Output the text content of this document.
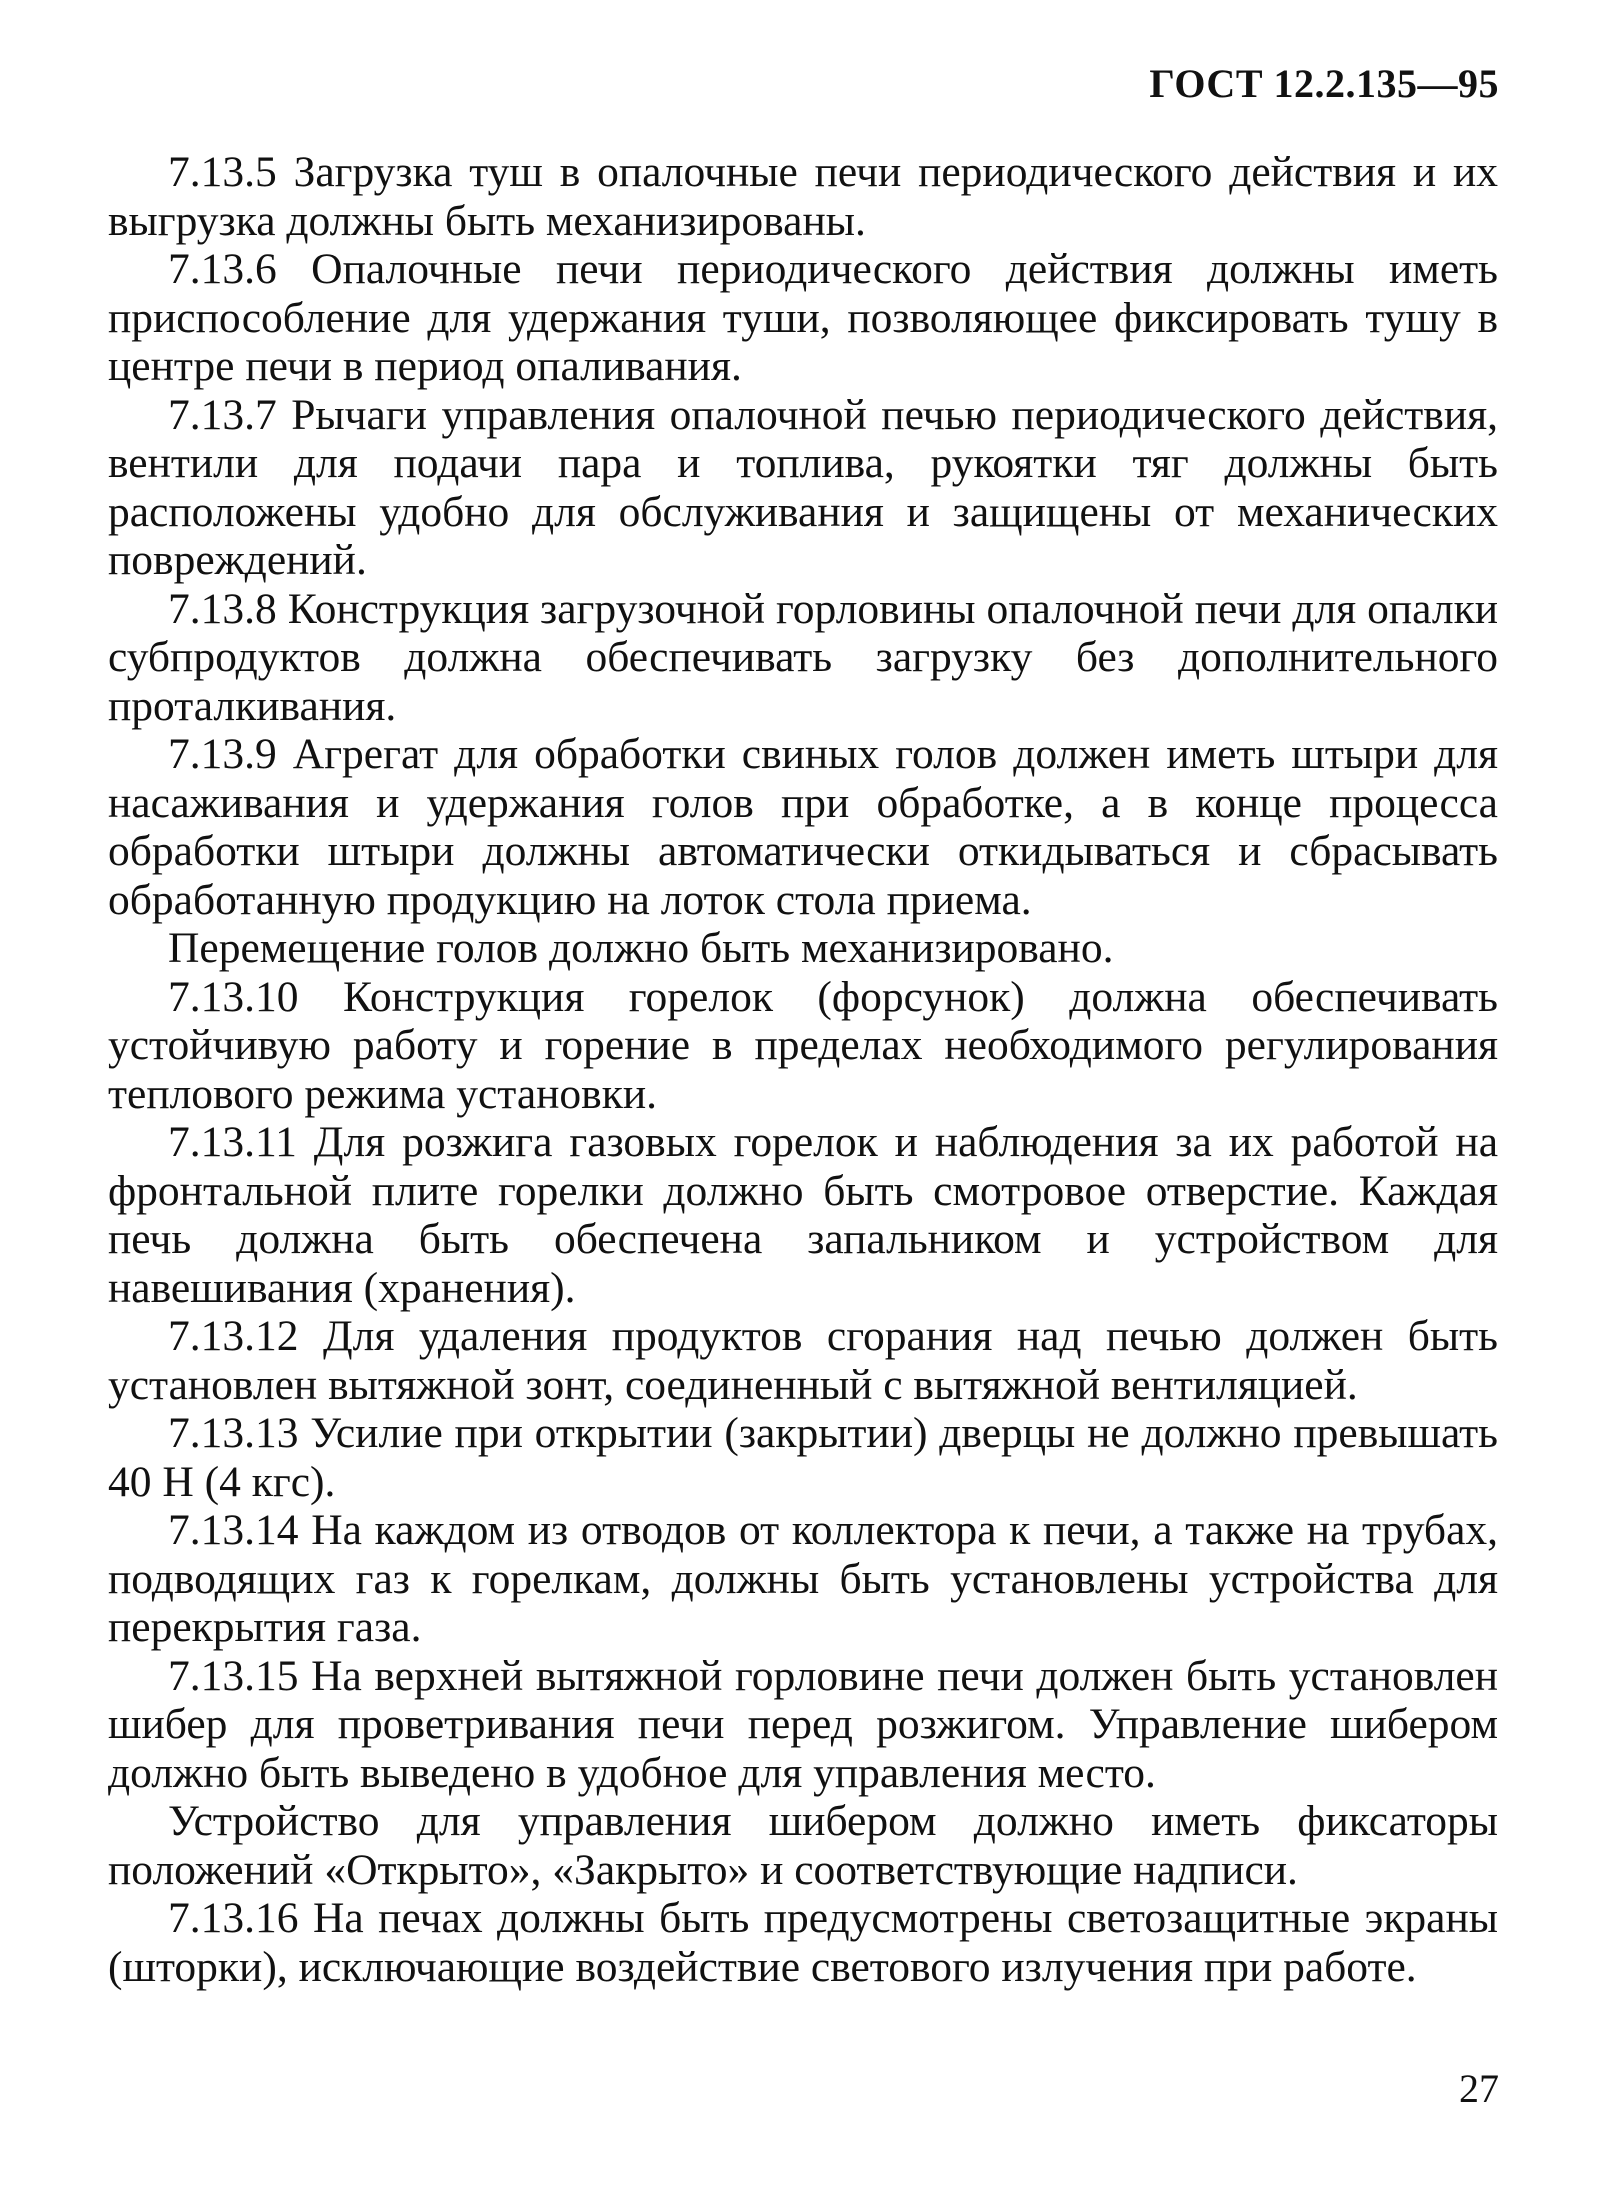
ГОСТ 12.2.135—95

7.13.5 Загрузка туш в опалочные печи периодического действия и их выгрузка должны быть механизированы.

7.13.6 Опалочные печи периодического действия должны иметь приспособление для удержания туши, позволяющее фиксировать тушу в центре печи в период опаливания.

7.13.7 Рычаги управления опалочной печью периодического действия, вентили для подачи пара и топлива, рукоятки тяг должны быть расположены удобно для обслуживания и защищены от механических повреждений.

7.13.8 Конструкция загрузочной горловины опалочной печи для опалки субпродуктов должна обеспечивать загрузку без дополнительного проталкивания.

7.13.9 Агрегат для обработки свиных голов должен иметь штыри для насаживания и удержания голов при обработке, а в конце процесса обработки штыри должны автоматически откидываться и сбрасывать обработанную продукцию на лоток стола приема.

Перемещение голов должно быть механизировано.

7.13.10 Конструкция горелок (форсунок) должна обеспечивать устойчивую работу и горение в пределах необходимого регулирования теплового режима установки.

7.13.11 Для розжига газовых горелок и наблюдения за их работой на фронтальной плите горелки должно быть смотровое отверстие. Каждая печь должна быть обеспечена запальником и устройством для навешивания (хранения).

7.13.12 Для удаления продуктов сгорания над печью должен быть установлен вытяжной зонт, соединенный с вытяжной вентиляцией.

7.13.13 Усилие при открытии (закрытии) дверцы не должно превышать 40 Н (4 кгс).

7.13.14 На каждом из отводов от коллектора к печи, а также на трубах, подводящих газ к горелкам, должны быть установлены устройства для перекрытия газа.

7.13.15 На верхней вытяжной горловине печи должен быть установлен шибер для проветривания печи перед розжигом. Управление шибером должно быть выведено в удобное для управления место.

Устройство для управления шибером должно иметь фиксаторы положений «Открыто», «Закрыто» и соответствующие надписи.

7.13.16 На печах должны быть предусмотрены светозащитные экраны (шторки), исключающие воздействие светового излучения при работе.

27
